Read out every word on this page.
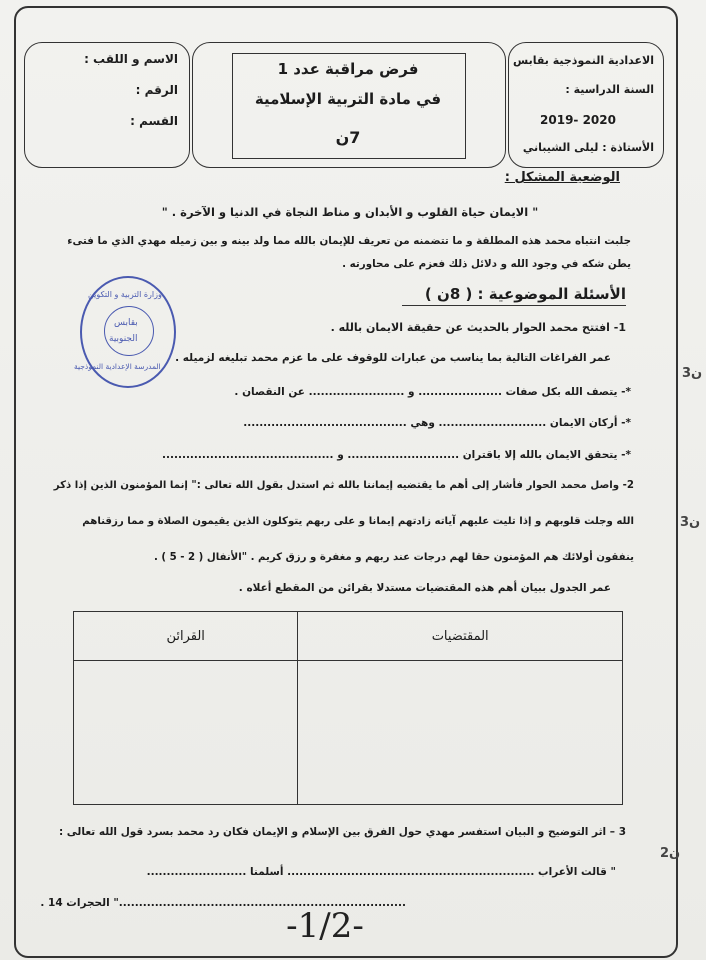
الاسم و اللقب :
الرقم :
القسم :
فرض مراقبة عدد 1
في مادة التربية الإسلامية
7ن
الاعدادية النموذجية بقابس
السنة الدراسية :
2019- 2020
الأستاذة : ليلى الشيباني
الوضعية المشكل :
" الايمان حياة القلوب و الأبدان و مناط النجاة في الدنيا و الآخرة . "
جلبت انتباه محمد هذه المطلقة و ما تتضمنه من تعريف للإيمان بالله مما ولد بينه و بين زميله مهدي الذي ما فتىء
يطن شكه في وجود الله و دلائل ذلك فعزم على محاورته .
وزارة التربية و التكوين
بقابس
الجنوبية
المدرسة الإعدادية النموذجية
الأسئلة الموضوعية : ( 8ن )
3ن
1- افتتح محمد الحوار بالحديث عن حقيقة الايمان بالله .
عمر الفراغات التالية بما يناسب من عبارات للوقوف على ما عزم محمد تبليغه لزميله .
*- يتصف الله بكل صفات ..................... و ........................ عن النقصان .
*- أركان الايمان ........................... وهي .........................................
*- يتحقق الايمان بالله إلا باقتران ............................ و ...........................................
3ن
2- واصل محمد الحوار فأشار إلى أهم ما يقتضيه إيماننا بالله ثم استدل بقول الله تعالى :" إنما المؤمنون الذين إذا ذكر
الله وجلت قلوبهم و إذا تليت عليهم آياته زادتهم إيمانا و على ربهم يتوكلون الذين يقيمون الصلاة و مما رزقناهم
ينفقون أولائك هم المؤمنون حقا لهم درجات عند ربهم و مغفرة و رزق كريم . "الأنفال ( 2 - 5 ) .
عمر الجدول ببيان أهم هذه المقتضيات مستدلا بقرائن من المقطع أعلاه .
المقتضيات	القرائن

2ن
3 – اثر التوضيح و البيان استفسر مهدي حول الفرق بين الإسلام و الإيمان فكان رد محمد بسرد قول الله تعالى :
" قالت الأعراب .............................................................. أسلمنا .........................
........................................................................" الحجرات 14 .
-1/2-
